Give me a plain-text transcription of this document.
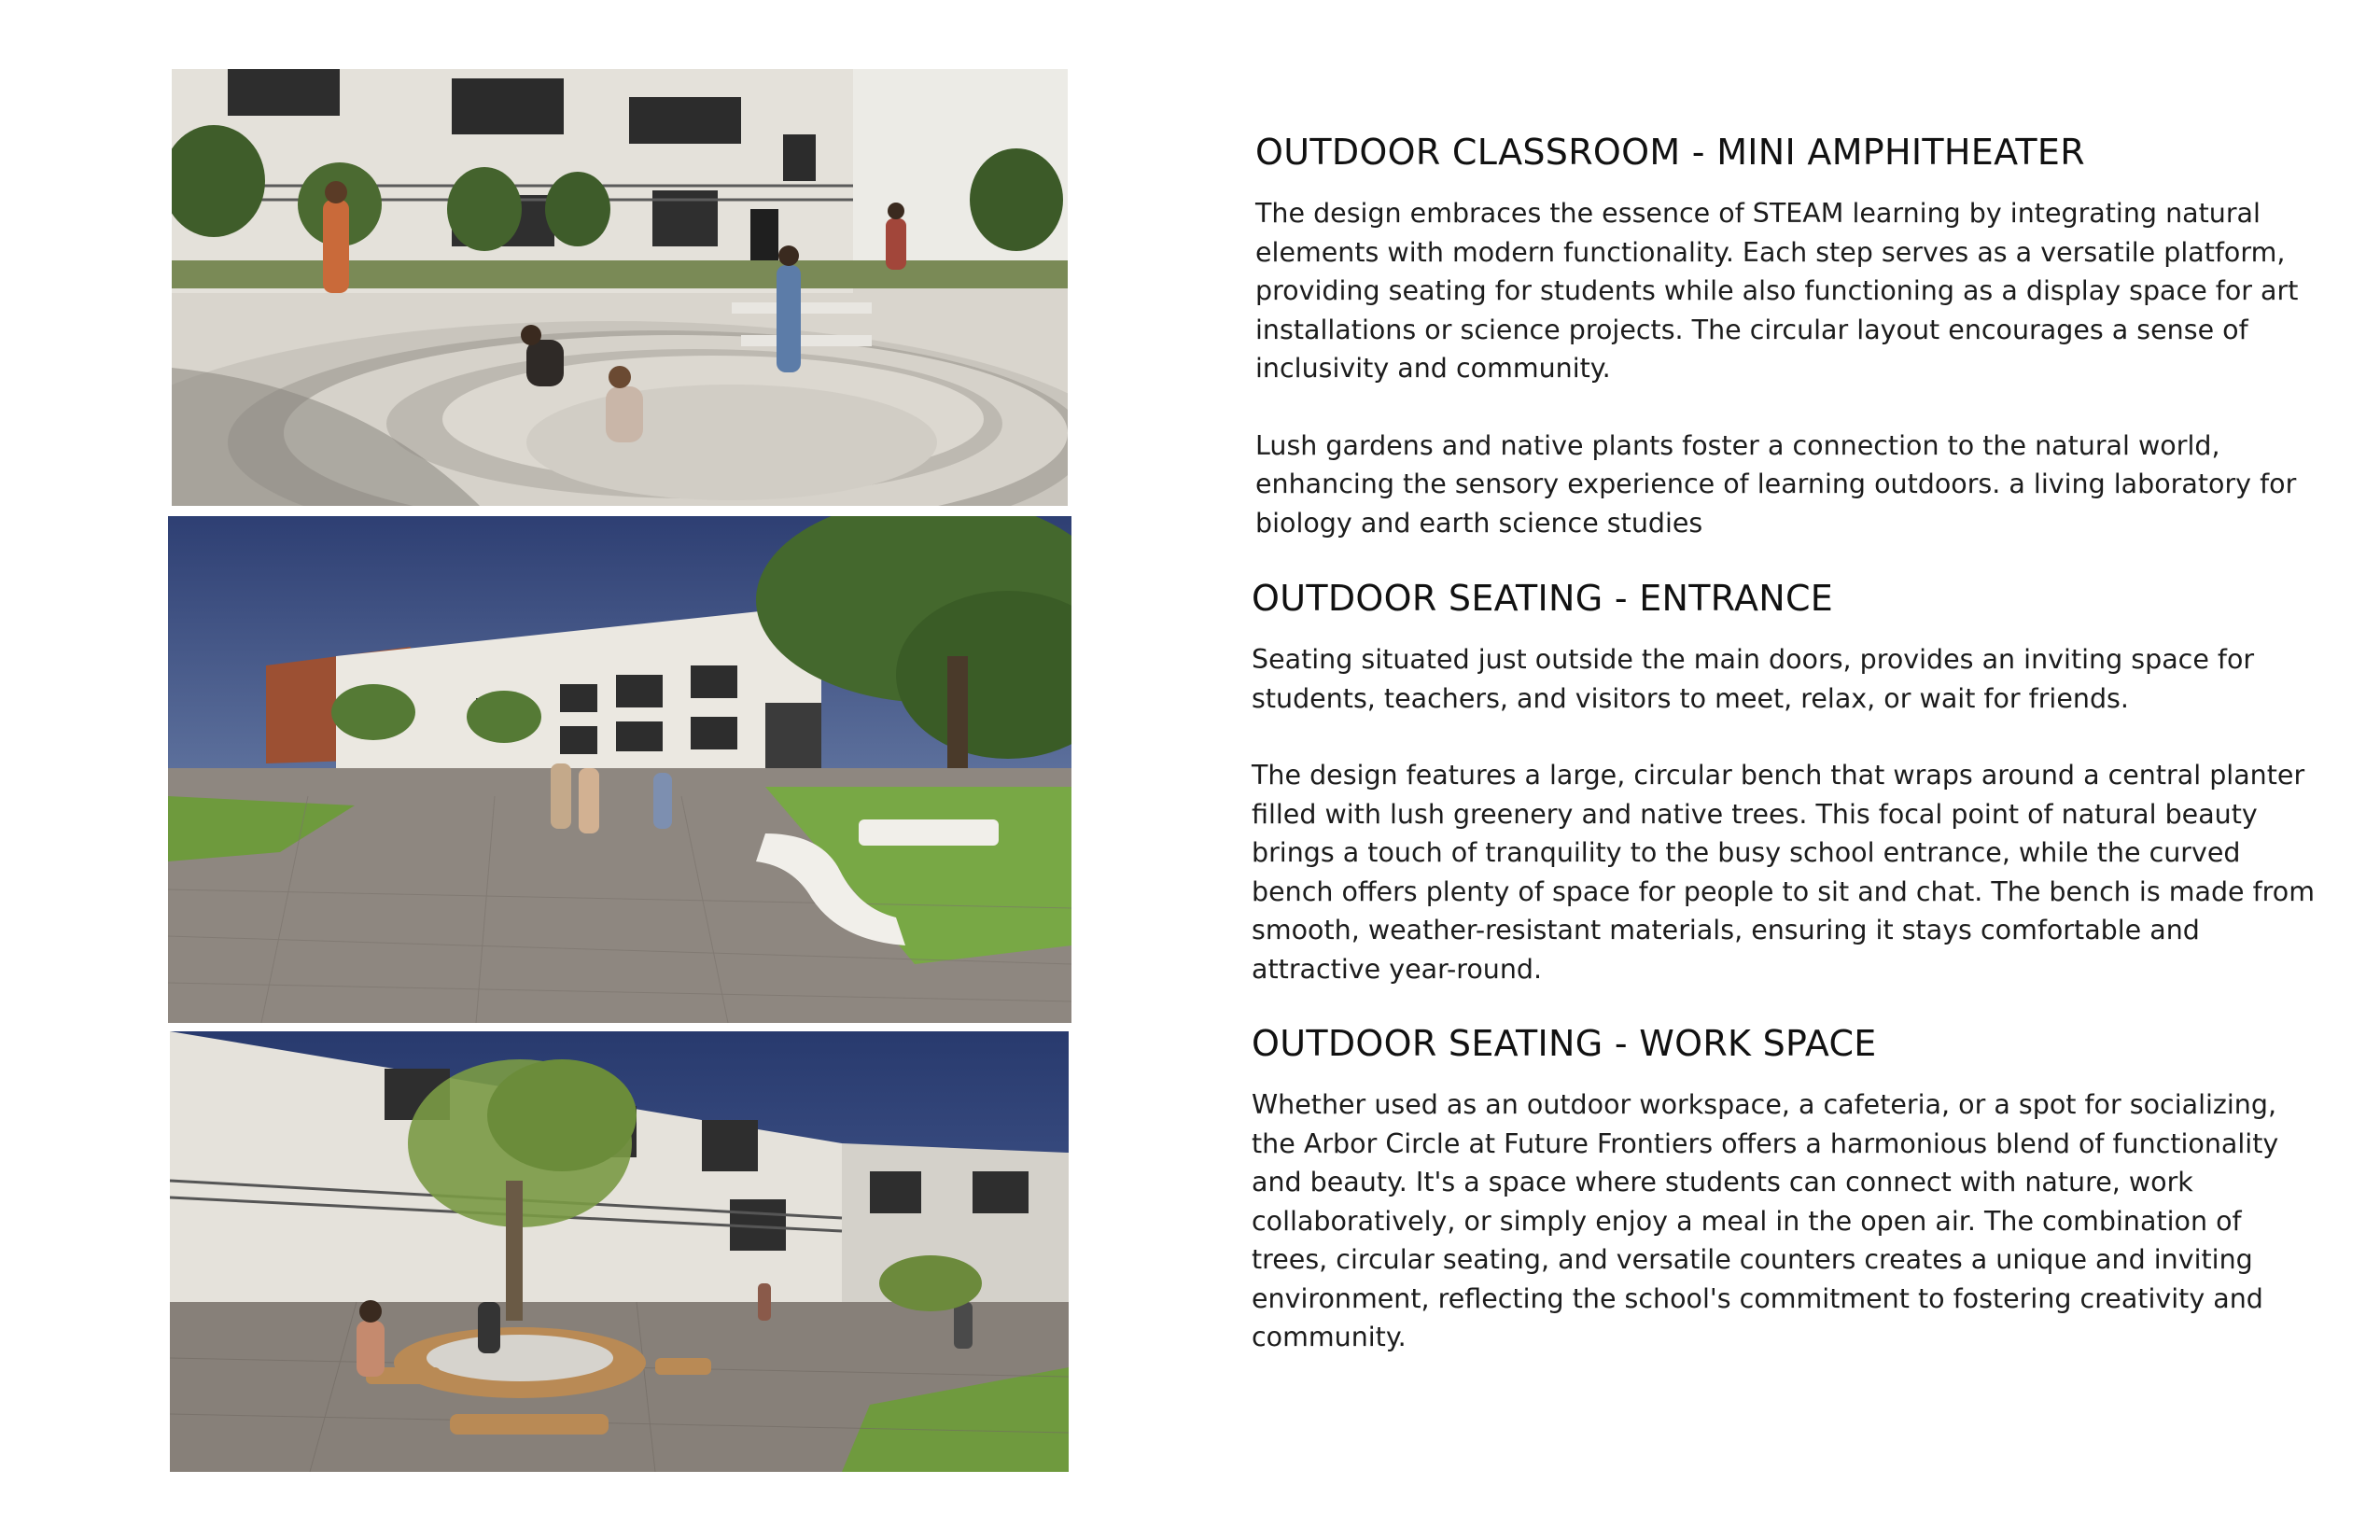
OUTDOOR CLASSROOM - MINI AMPHITHEATER

The design embraces the essence of STEAM learning by integrating natural elements with modern functionality. Each step serves as a versatile platform, providing seating for students while also functioning as a display space for art installations or science projects. The circular layout encourages a sense of inclusivity and community.

Lush gardens and native plants foster a connection to the natural world, enhancing the sensory experience of learning outdoors. a living laboratory for biology and earth science studies

OUTDOOR SEATING - ENTRANCE

Seating situated just outside the main doors, provides an inviting space for students, teachers, and visitors to meet, relax, or wait for friends.

The design features a large, circular bench that wraps around a central planter filled with lush greenery and native trees. This focal point of natural beauty brings a touch of tranquility to the busy school entrance, while the curved bench offers plenty of space for people to sit and chat. The bench is made from smooth, weather-resistant materials, ensuring it stays comfortable and attractive year-round.

OUTDOOR SEATING - WORK SPACE

Whether used as an outdoor workspace, a cafeteria, or a spot for socializing, the Arbor Circle at Future Frontiers offers a harmonious blend of functionality and beauty. It's a space where students can connect with nature, work collaboratively, or simply enjoy a meal in the open air. The combination of trees, circular seating, and versatile counters creates a unique and inviting environment, reflecting the school's commitment to fostering creativity and community.
